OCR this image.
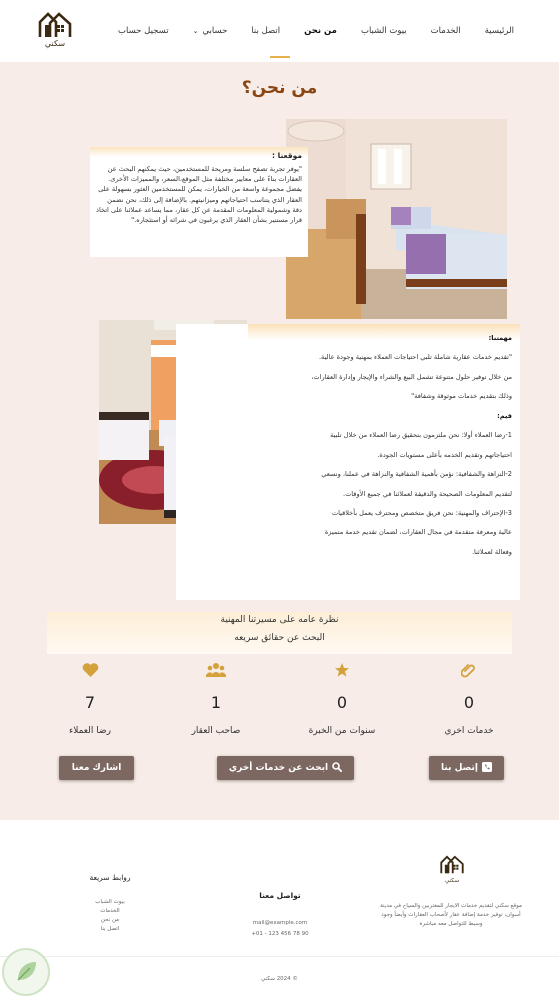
سكني
الرئيسية
الخدمات
بيوت الشباب
من نحن
اتصل بنا
حسابي⌄
تسجيل حساب
من نحن؟
موقعنا :
"يوفر تجربة تصفح سلسة ومريحة للمستخدمين، حيث يمكنهم البحث عن العقارات بناءً على معايير مختلفة مثل الموقع،السعر، والمميزات الأخرى. يفضل مجموعة واسعة من الخيارات، يمكن للمستخدمين العثور بسهولة على العقار الذي يتناسب احتياجاتهم وميزانيتهم. بالإضافة إلى ذلك، نحن نضمن دقة وشمولية المعلومات المقدمة عن كل عقار، مما يساعد عملائنا على اتخاذ قرار مستنير بشأن العقار الذي يرغبون في شرائه أو استئجاره."
مهمتنا:
"تقديم خدمات عقارية شاملة تلبي احتياجات العملاء بمهنية وجودة عالية.
من خلال توفير حلول متنوعة تشمل البيع والشراء والإيجار وإدارة العقارات،
وذلك بتقديم خدمات موثوقة وشفافة"
قيم:
1-رضا العملاء أولا: نحن ملتزمون بتحقيق رضا العملاء من خلال تلبية
احتياجاتهم وتقديم الخدمه بأعلى مستويات الجودة.
2-النزاهة والشفافية: نؤمن بأهمية الشفافية والنزاهة في عملنا، ونسعي
لتقديم المعلومات الصحيحة والدقيقة لعملائنا في جميع الأوقات.
3-الإحتراف والمهنية: نحن فريق متخصص ومحترف يعمل بأخلاقيات
عالية ومعرفة متقدمة في مجال العقارات، لضمان تقديم خدمة متميزة
وفعالة لعملائنا.
نظرة عامه على مسيرتنا المهنية
البحث عن حقائق سريعه
0
خدمات اخري
0
سنوات من الخبرة
1
صاحب العقار
7
رضا العملاء
إتصل بنا
ابحث عن خدمات أخري
اشارك معنا
سكني
موقع سكني لتقديم خدمات الايجار للمغتربين والسياح في مدينة أسوان، توفير خدمة إضافة عقار لأصحاب العقارات وأيضاً وجود وسيط للتواصل معه مباشرة
تواصل معنا
mail@example.com
+01 - 123 456 78 90
روابط سريعة
بيوت الشباب
الخدمات
من نحن
اتصل بنا
© 2024 سكني
